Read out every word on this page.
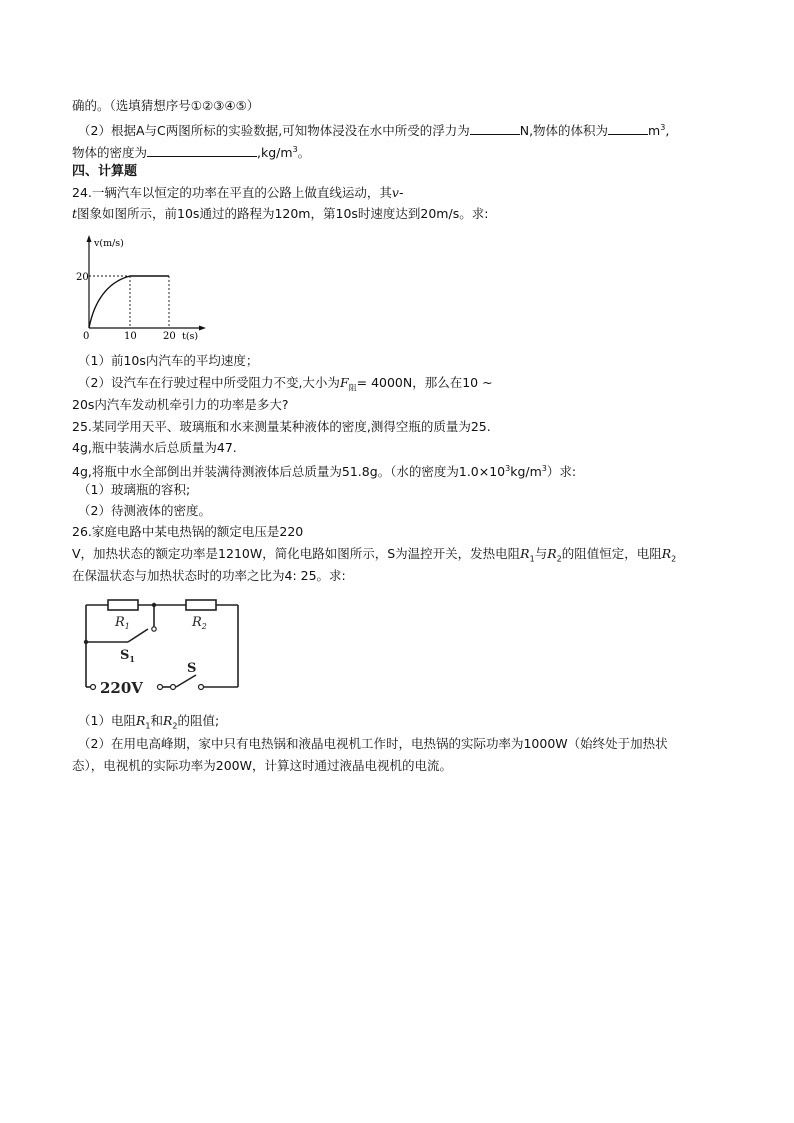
确的。（选填猜想序号①②③④⑤）
（2）根据A与C两图所标的实验数据,可知物体浸没在水中所受的浮力为	N,物体的体积为	$m^3$,
物体的密度为	$,kg/m^3$。
四、计算题
24.一辆汽车以恒定的功率在平直的公路上做直线运动，其v-
t图象如图所示，前10s通过的路程为120m，第10s时速度达到20m/s。求:
v(m/s)
20
0	10	20 t(s)
（1）前10s内汽车的平均速度；
（2）设汽车在行驶过程中所受阻力不变,大小为$F_阻= 4000N$，那么在10 ~
20s内汽车发动机牵引力的功率是多大?
25.某同学用天平、玻璃瓶和水来测量某种液体的密度,测得空瓶的质量为25.
4g,瓶中装满水后总质量为47.
4g,将瓶中水全部倒出并装满待测液体后总质量为51.8g。（水的密度为$1.0\times 10^3kg/m^3$）求:
（1）玻璃瓶的容积;
（2）待测液体的密度。
26.家庭电路中某电热锅的额定电压是220
V，加热状态的额定功率是1210W，简化电路如图所示，S为温控开关，发热电阻$R_1$与$R_2$的阻值恒定，电阻$R_2$
在保温状态与加热状态时的功率之比为4: 25。求:
$R_1$	$R_2$
$S_1$
S
220V
（1）电阻$R_1$和$R_2$的阻值;
（2）在用电高峰期，家中只有电热锅和液晶电视机工作时，电热锅的实际功率为1000W（始终处于加热状
态），电视机的实际功率为200W，计算这时通过液晶电视机的电流。
